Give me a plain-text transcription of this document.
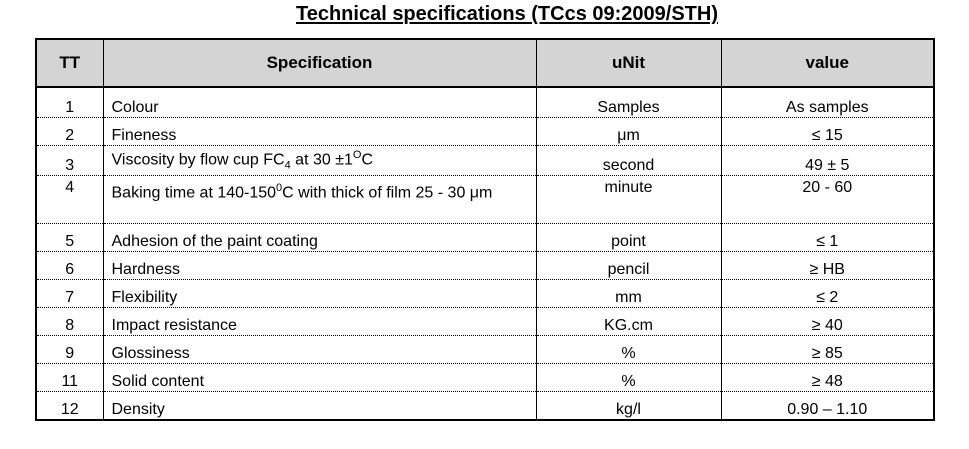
Technical specifications (TCcs 09:2009/STH)
TT	Specification	uNit	value

1	Colour	Samples	As samples
2	Fineness	μm	≤ 15
3	Viscosity by flow cup $FC_4$ at $30 \pm 1^OC$	second	49 ± 5
4	Baking time at $140-150^0C$ with thick of film 25 - 30 μm	minute	20 - 60
5	Adhesion of the paint coating	point	≤ 1
6	Hardness	pencil	≥ HB
7	Flexibility	mm	≤ 2
8	Impact resistance	KG.cm	≥ 40
9	Glossiness	%	≥ 85
11	Solid content	%	≥ 48
12	Density	kg/l	0.90 – 1.10
